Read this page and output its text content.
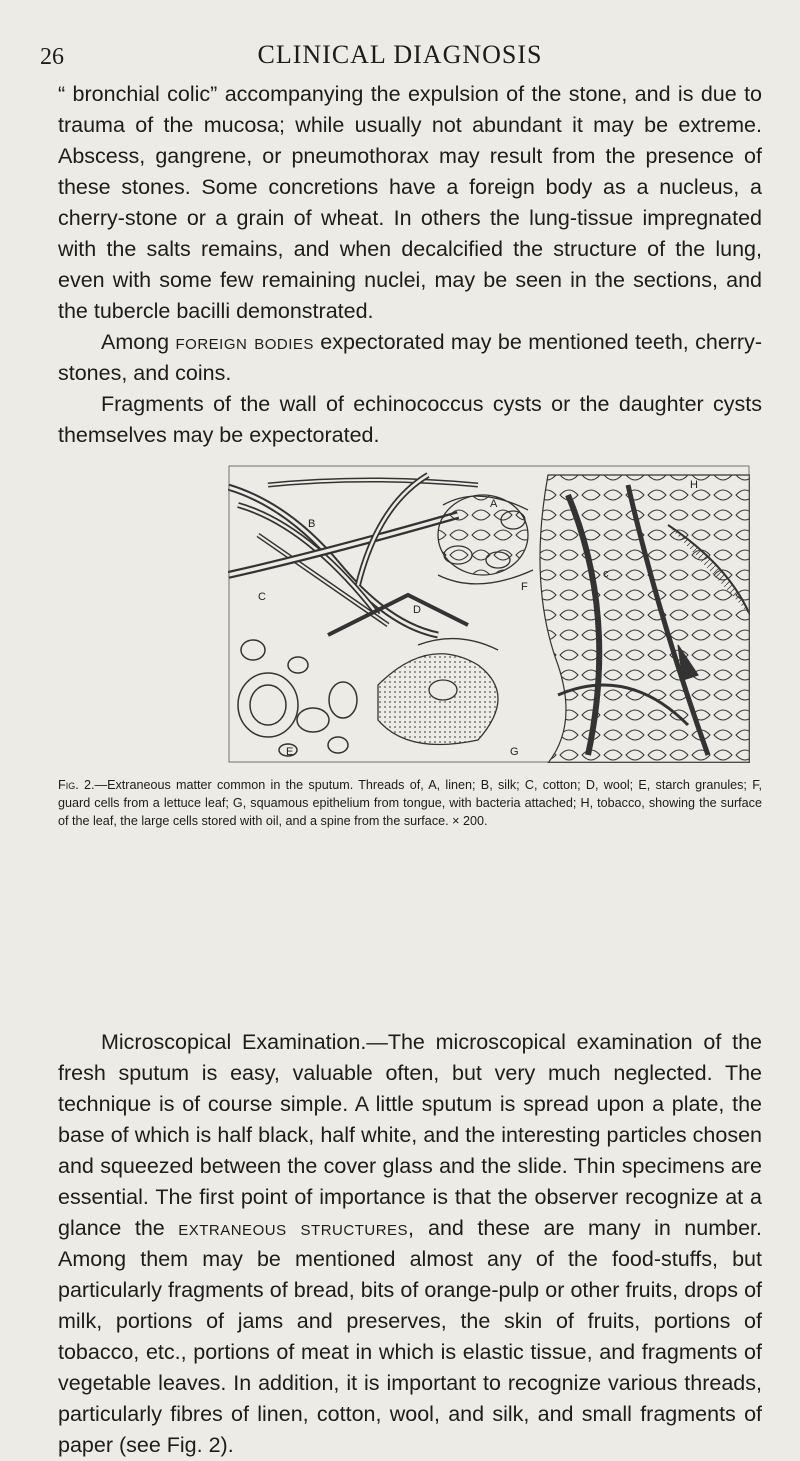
26	CLINICAL DIAGNOSIS

“ bronchial colic” accompanying the expulsion of the stone, and is due to trauma of the mucosa; while usually not abundant it may be extreme. Abscess, gangrene, or pneumothorax may result from the presence of these stones. Some concretions have a foreign body as a nucleus, a cherry-stone or a grain of wheat. In others the lung-tissue impregnated with the salts remains, and when decalcified the structure of the lung, even with some few remaining nuclei, may be seen in the sections, and the tubercle bacilli demonstrated.

Among foreign bodies expectorated may be mentioned teeth, cherry-stones, and coins.

Fragments of the wall of echinococcus cysts or the daughter cysts themselves may be expectorated.

A
B
C
D
E
F
G
H
c

Fig. 2.—Extraneous matter common in the sputum. Threads of, A, linen; B, silk; C, cotton; D, wool; E, starch granules; F, guard cells from a lettuce leaf; G, squamous epithelium from tongue, with bacteria attached; H, tobacco, showing the surface of the leaf, the large cells stored with oil, and a spine from the surface. × 200.

Microscopical Examination.—The microscopical examination of the fresh sputum is easy, valuable often, but very much neglected. The technique is of course simple. A little sputum is spread upon a plate, the base of which is half black, half white, and the interesting particles chosen and squeezed between the cover glass and the slide. Thin specimens are essential. The first point of importance is that the observer recognize at a glance the extraneous structures, and these are many in number. Among them may be mentioned almost any of the food-stuffs, but particularly fragments of bread, bits of orange-pulp or other fruits, drops of milk, portions of jams and preserves, the skin of fruits, portions of tobacco, etc., portions of meat in which is elastic tissue, and fragments of vegetable leaves. In addition, it is important to recognize various threads, particularly fibres of linen, cotton, wool, and silk, and small fragments of paper (see Fig. 2).
